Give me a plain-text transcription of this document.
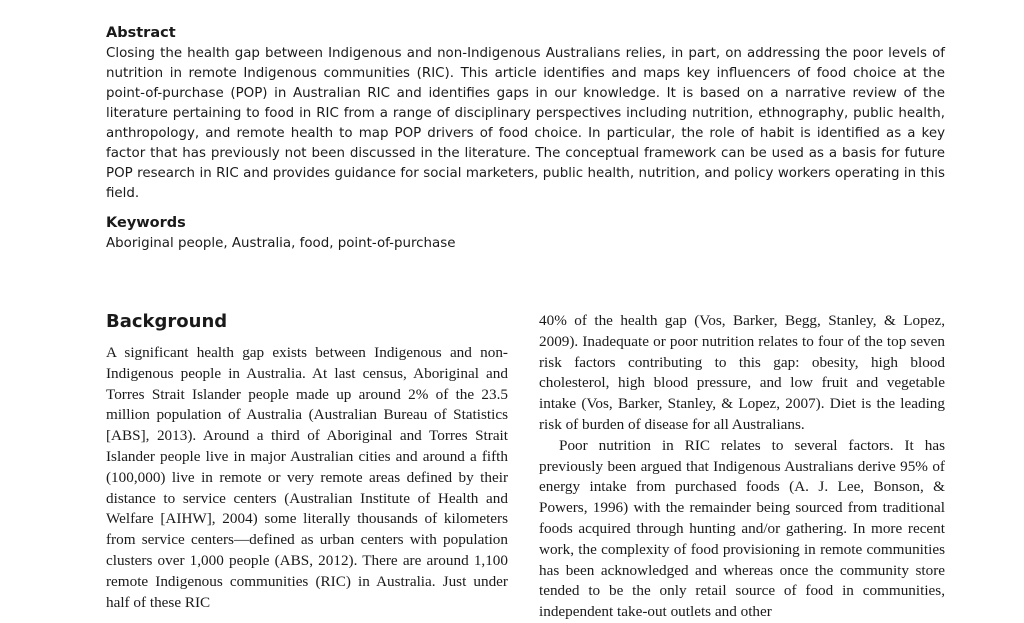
Abstract

Closing the health gap between Indigenous and non-Indigenous Australians relies, in part, on addressing the poor levels of nutrition in remote Indigenous communities (RIC). This article identifies and maps key influencers of food choice at the point-of-purchase (POP) in Australian RIC and identifies gaps in our knowledge. It is based on a narrative review of the literature pertaining to food in RIC from a range of disciplinary perspectives including nutrition, ethnography, public health, anthropology, and remote health to map POP drivers of food choice. In particular, the role of habit is identified as a key factor that has previously not been discussed in the literature. The conceptual framework can be used as a basis for future POP research in RIC and provides guidance for social marketers, public health, nutrition, and policy workers operating in this field.

Keywords

Aboriginal people, Australia, food, point-of-purchase

Background

A significant health gap exists between Indigenous and non-Indigenous people in Australia. At last census, Aboriginal and Torres Strait Islander people made up around 2% of the 23.5 million population of Australia (Australian Bureau of Statistics [ABS], 2013). Around a third of Aboriginal and Torres Strait Islander people live in major Australian cities and around a fifth (100,000) live in remote or very remote areas defined by their distance to service centers (Australian Institute of Health and Welfare [AIHW], 2004) some literally thousands of kilometers from service centers—defined as urban centers with population clusters over 1,000 people (ABS, 2012). There are around 1,100 remote Indigenous communities (RIC) in Australia. Just under half of these RIC

40% of the health gap (Vos, Barker, Begg, Stanley, & Lopez, 2009). Inadequate or poor nutrition relates to four of the top seven risk factors contributing to this gap: obesity, high blood cholesterol, high blood pressure, and low fruit and vegetable intake (Vos, Barker, Stanley, & Lopez, 2007). Diet is the leading risk of burden of disease for all Australians.

Poor nutrition in RIC relates to several factors. It has previously been argued that Indigenous Australians derive 95% of energy intake from purchased foods (A. J. Lee, Bonson, & Powers, 1996) with the remainder being sourced from traditional foods acquired through hunting and/or gathering. In more recent work, the complexity of food provisioning in remote communities has been acknowledged and whereas once the community store tended to be the only retail source of food in communities, independent take-out outlets and other
